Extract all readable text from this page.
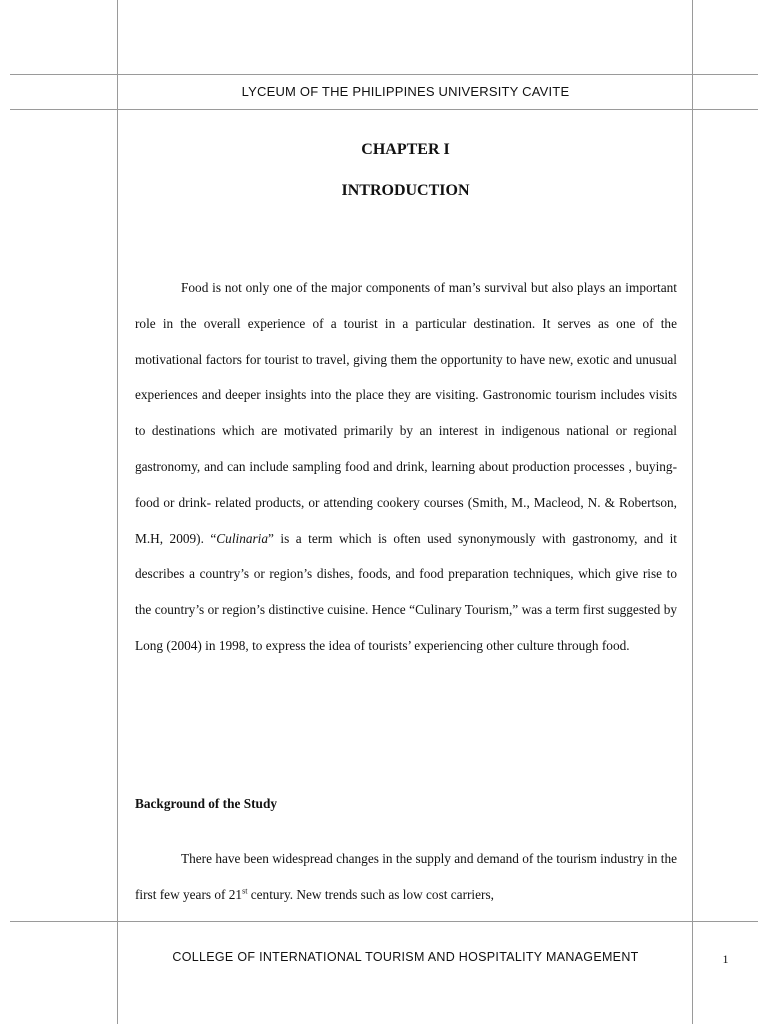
LYCEUM OF THE PHILIPPINES UNIVERSITY CAVITE
CHAPTER I
INTRODUCTION

Food is not only one of the major components of man’s survival but also plays an important role in the overall experience of a tourist in a particular destination. It serves as one of the motivational factors for tourist to travel, giving them the opportunity to have new, exotic and unusual experiences and deeper insights into the place they are visiting. Gastronomic tourism includes visits to destinations which are motivated primarily by an interest in indigenous national or regional gastronomy, and can include sampling food and drink, learning about production processes , buying- food or drink- related products, or attending cookery courses (Smith, M., Macleod, N. & Robertson, M.H, 2009). “Culinaria” is a term which is often used synonymously with gastronomy, and it describes a country’s or region’s dishes, foods, and food preparation techniques, which give rise to the country’s or region’s distinctive cuisine. Hence “Culinary Tourism,” was a term first suggested by Long (2004) in 1998, to express the idea of tourists’ experiencing other culture through food.

Background of the Study

There have been widespread changes in the supply and demand of the tourism industry in the first few years of 21st century. New trends such as low cost carriers,

COLLEGE OF INTERNATIONAL TOURISM AND HOSPITALITY MANAGEMENT	1
